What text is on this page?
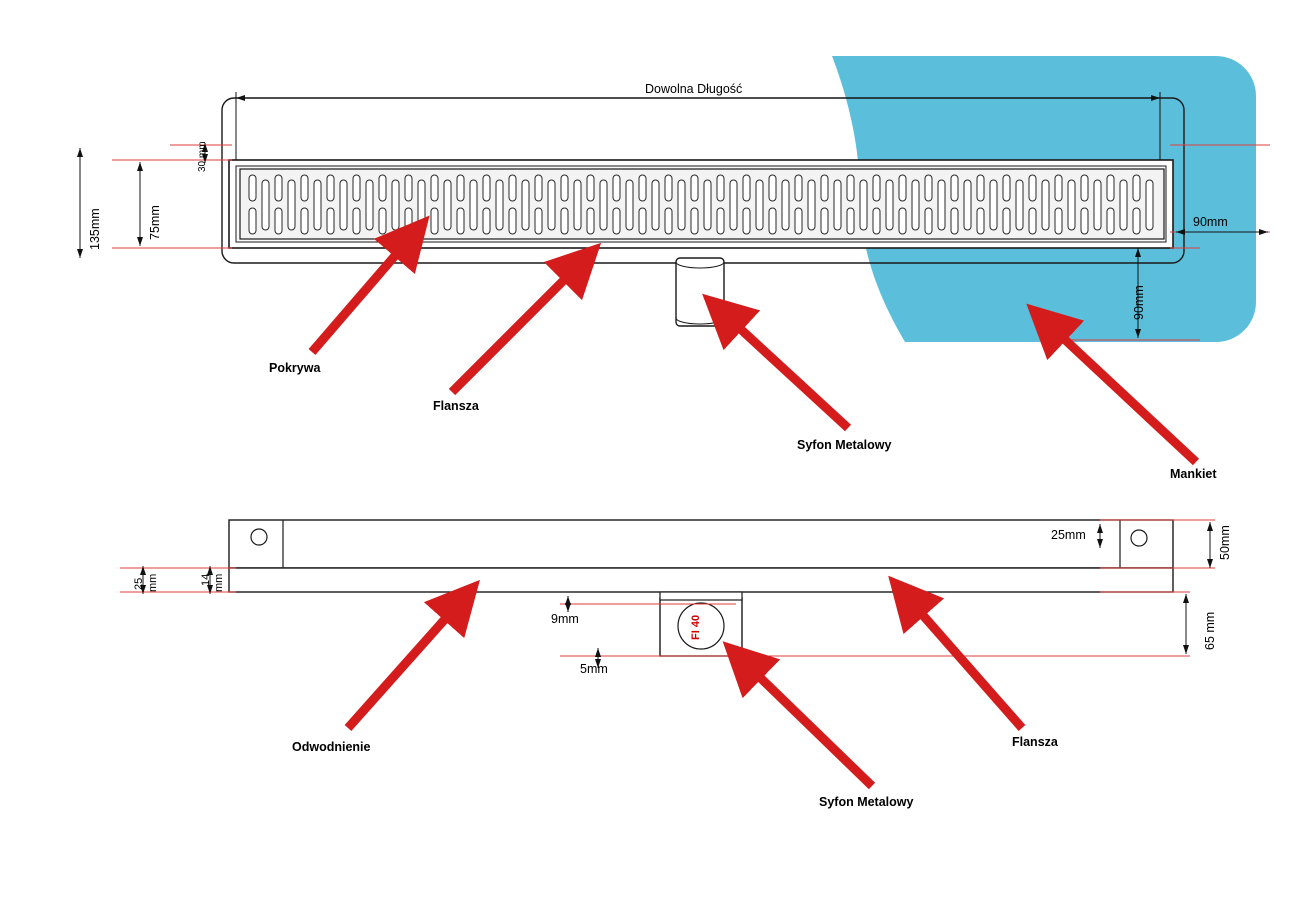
Dowolna Długość
135mm	75mm
30 mm
90mm
90mm
Pokrywa
Flansza
Syfon Metalowy
Mankiet
25mm	50mm
25 mm	14 mm
9mm
5mm
65 mm
FI 40
Odwodnienie
Syfon Metalowy
Flansza
